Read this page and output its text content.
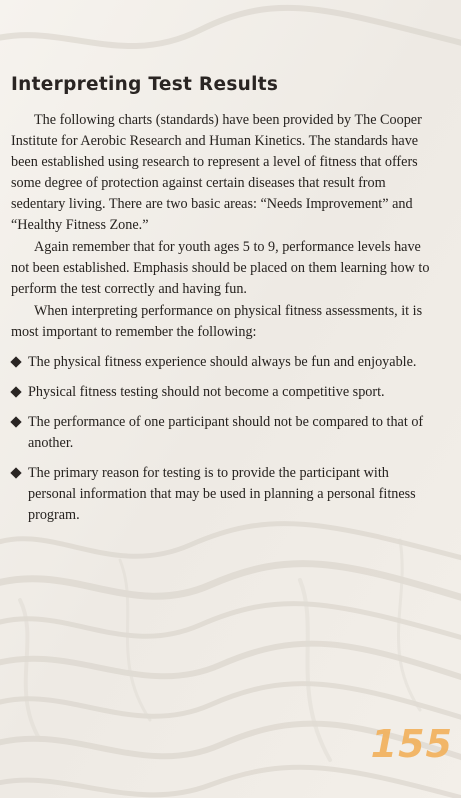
Interpreting Test Results

The following charts (standards) have been provided by The Cooper Institute for Aerobic Research and Human Kinetics. The standards have been established using research to represent a level of fitness that offers some degree of protection against certain diseases that result from sedentary living. There are two basic areas: “Needs Improvement” and “Healthy Fitness Zone.”

Again remember that for youth ages 5 to 9, performance levels have not been established. Emphasis should be placed on them learning how to perform the test correctly and having fun.

When interpreting performance on physical fitness assessments, it is most important to remember the following:

The physical fitness experience should always be fun and enjoyable.
Physical fitness testing should not become a competitive sport.
The performance of one participant should not be compared to that of another.
The primary reason for testing is to provide the participant with personal information that may be used in planning a personal fitness program.
155
